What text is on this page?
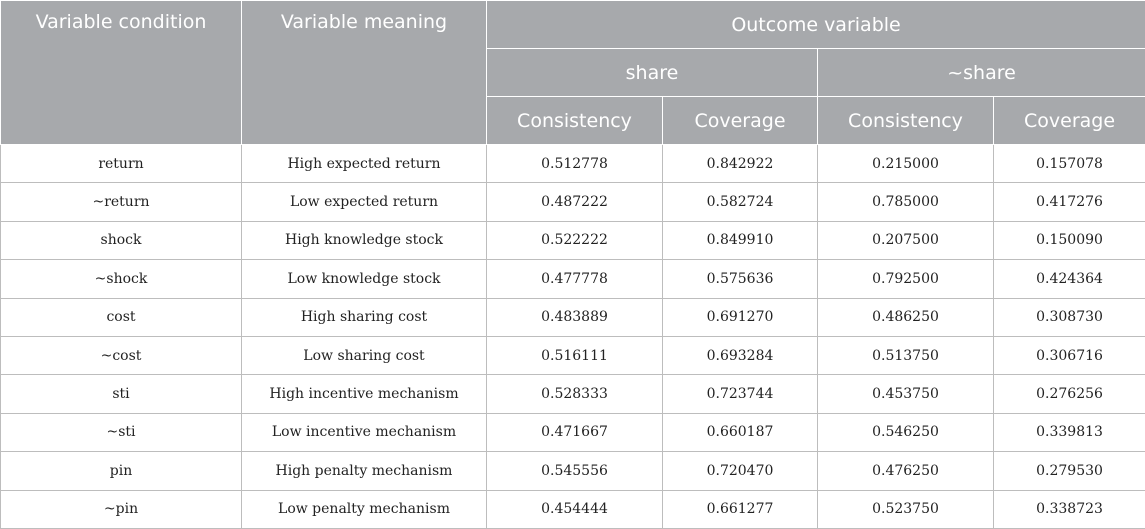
Variable condition	Variable meaning	Outcome variable			
		share		~share	
		Consistency	Coverage	Consistency	Coverage
return	High expected return	0.512778	0.842922	0.215000	0.157078
~return	Low expected return	0.487222	0.582724	0.785000	0.417276
shock	High knowledge stock	0.522222	0.849910	0.207500	0.150090
~shock	Low knowledge stock	0.477778	0.575636	0.792500	0.424364
cost	High sharing cost	0.483889	0.691270	0.486250	0.308730
~cost	Low sharing cost	0.516111	0.693284	0.513750	0.306716
sti	High incentive mechanism	0.528333	0.723744	0.453750	0.276256
~sti	Low incentive mechanism	0.471667	0.660187	0.546250	0.339813
pin	High penalty mechanism	0.545556	0.720470	0.476250	0.279530
~pin	Low penalty mechanism	0.454444	0.661277	0.523750	0.338723
